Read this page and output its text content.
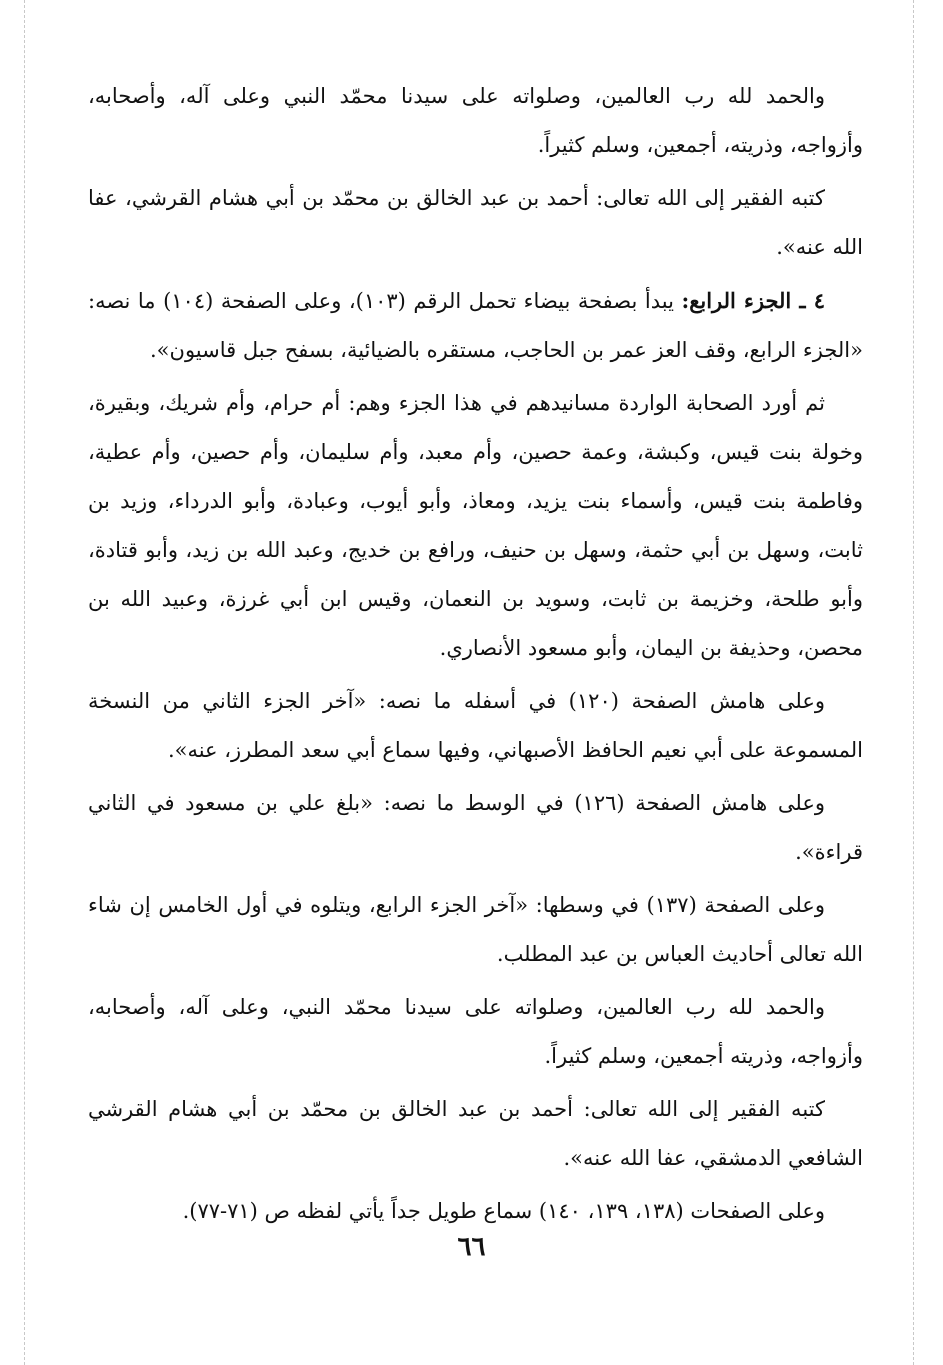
والحمد لله رب العالمين، وصلواته على سيدنا محمّد النبي وعلى آله، وأصحابه، وأزواجه، وذريته، أجمعين، وسلم كثيراً.

كتبه الفقير إلى الله تعالى: أحمد بن عبد الخالق بن محمّد بن أبي هشام القرشي، عفا الله عنه».

٤ ـ الجزء الرابع: يبدأ بصفحة بيضاء تحمل الرقم (١٠٣)، وعلى الصفحة (١٠٤) ما نصه: «الجزء الرابع، وقف العز عمر بن الحاجب، مستقره بالضيائية، بسفح جبل قاسيون».

ثم أورد الصحابة الواردة مسانيدهم في هذا الجزء وهم: أم حرام، وأم شريك، وبقيرة، وخولة بنت قيس، وكبشة، وعمة حصين، وأم معبد، وأم سليمان، وأم حصين، وأم عطية، وفاطمة بنت قيس، وأسماء بنت يزيد، ومعاذ، وأبو أيوب، وعبادة، وأبو الدرداء، وزيد بن ثابت، وسهل بن أبي حثمة، وسهل بن حنيف، ورافع بن خديج، وعبد الله بن زيد، وأبو قتادة، وأبو طلحة، وخزيمة بن ثابت، وسويد بن النعمان، وقيس ابن أبي غرزة، وعبيد الله بن محصن، وحذيفة بن اليمان، وأبو مسعود الأنصاري.

وعلى هامش الصفحة (١٢٠) في أسفله ما نصه: «آخر الجزء الثاني من النسخة المسموعة على أبي نعيم الحافظ الأصبهاني، وفيها سماع أبي سعد المطرز، عنه».

وعلى هامش الصفحة (١٢٦) في الوسط ما نصه: «بلغ علي بن مسعود في الثاني قراءة».

وعلى الصفحة (١٣٧) في وسطها: «آخر الجزء الرابع، ويتلوه في أول الخامس إن شاء الله تعالى أحاديث العباس بن عبد المطلب.

والحمد لله رب العالمين، وصلواته على سيدنا محمّد النبي، وعلى آله، وأصحابه، وأزواجه، وذريته أجمعين، وسلم كثيراً.

كتبه الفقير إلى الله تعالى: أحمد بن عبد الخالق بن محمّد بن أبي هشام القرشي الشافعي الدمشقي، عفا الله عنه».

وعلى الصفحات (١٣٨، ١٣٩، ١٤٠) سماع طويل جداً يأتي لفظه ص (٧١-٧٧).

٦٦
